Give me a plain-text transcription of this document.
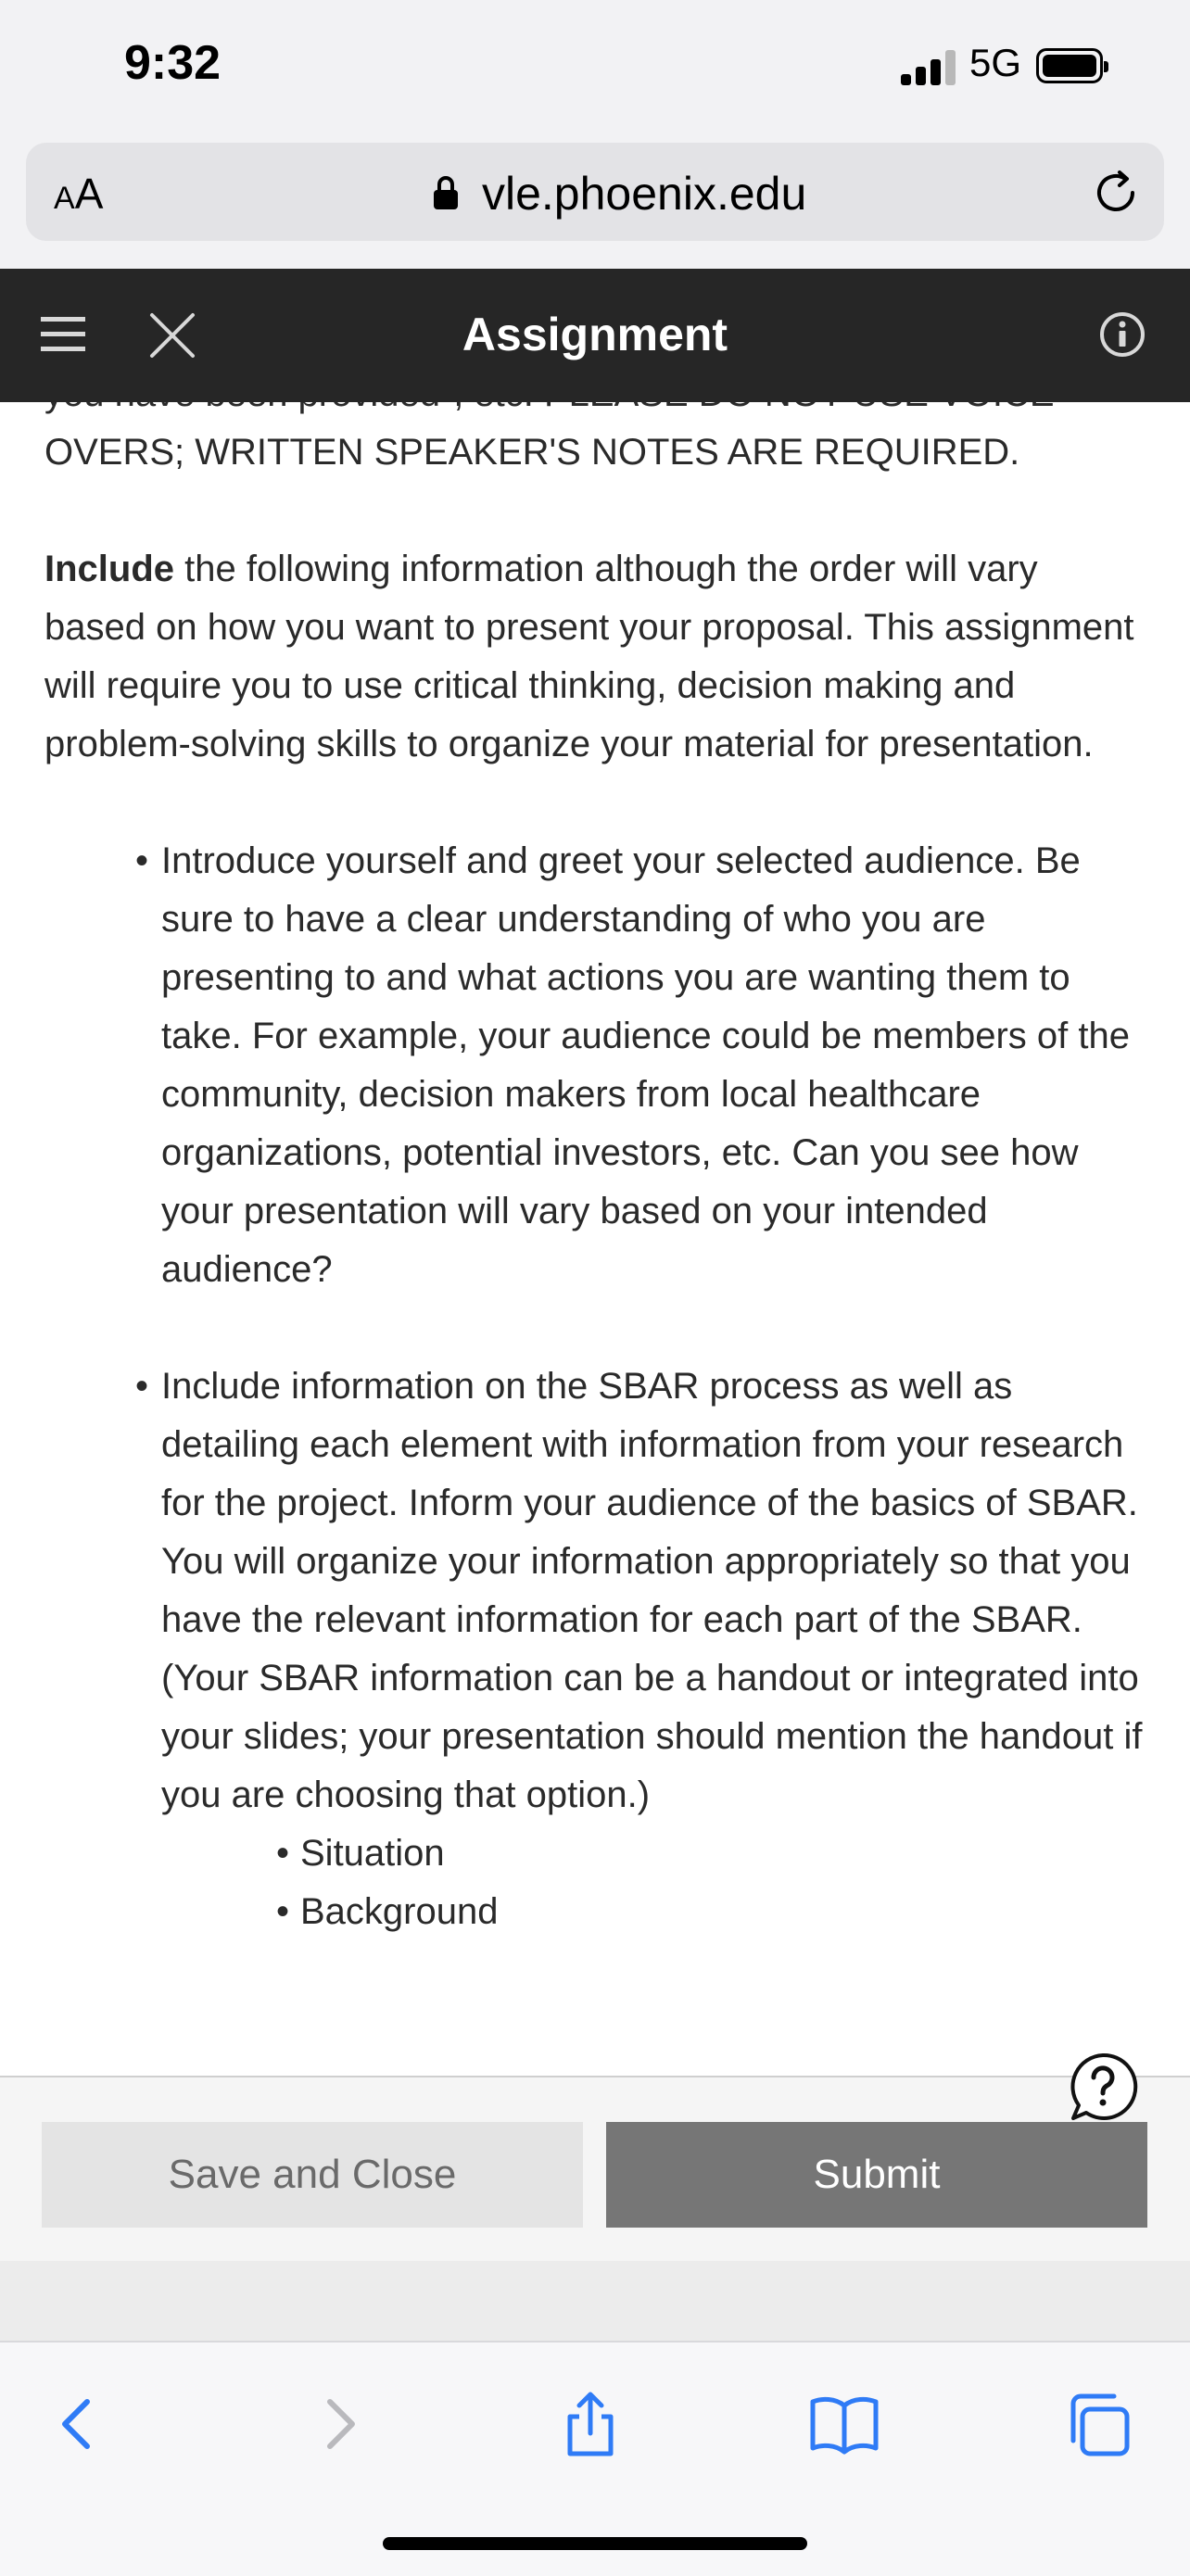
9:32	5G
AA	vle.phoenix.edu
Assignment

OVERS; WRITTEN SPEAKER'S NOTES ARE REQUIRED.

Include the following information although the order will vary based on how you want to present your proposal. This assignment will require you to use critical thinking, decision making and problem-solving skills to organize your material for presentation.

• Introduce yourself and greet your selected audience. Be sure to have a clear understanding of who you are presenting to and what actions you are wanting them to take. For example, your audience could be members of the community, decision makers from local healthcare organizations, potential investors, etc. Can you see how your presentation will vary based on your intended audience?
• Include information on the SBAR process as well as detailing each element with information from your research for the project. Inform your audience of the basics of SBAR. You will organize your information appropriately so that you have the relevant information for each part of the SBAR. (Your SBAR information can be a handout or integrated into your slides; your presentation should mention the handout if you are choosing that option.)
• Situation
• Background
Save and Close	Submit
